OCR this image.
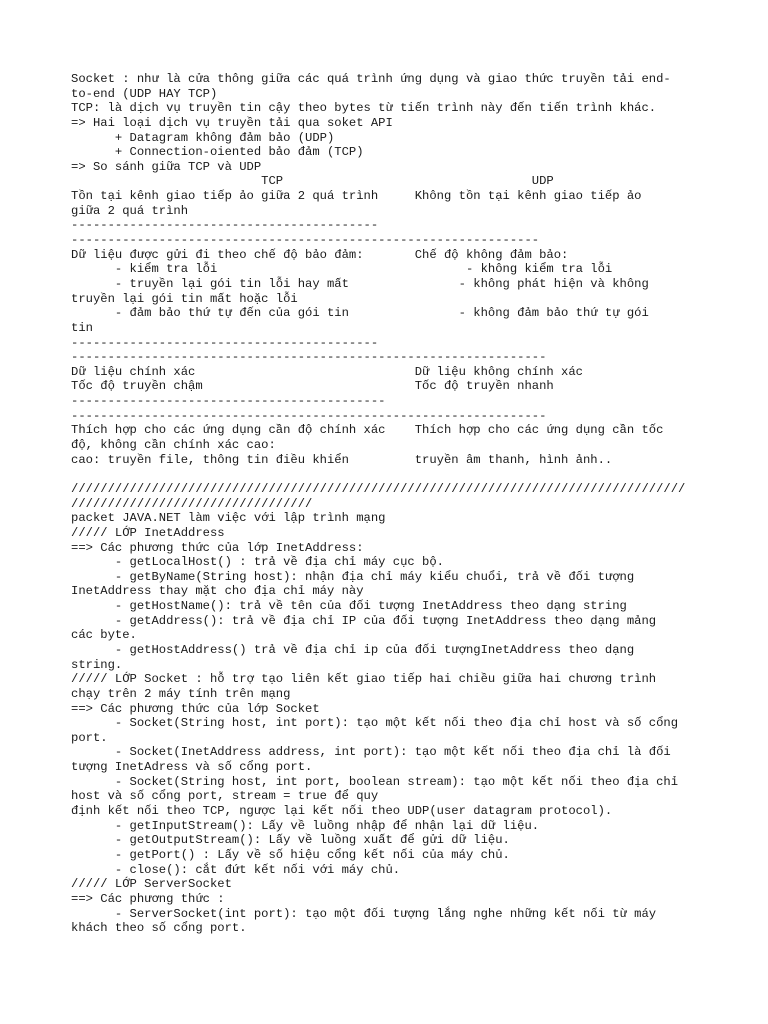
Socket : như là cửa thông giữa các quá trình ứng dụng và giao thức truyền tải end-
to-end (UDP HAY TCP)
TCP: là dịch vụ truyền tin cậy theo bytes từ tiến trình này đến tiến trình khác.
=> Hai loại dịch vụ truyền tải qua soket API
+ Datagram không đảm bảo (UDP)
+ Connection-oiented bảo đảm (TCP)
=> So sánh giữa TCP và UDP
TCP                                  UDP
Tồn tại kênh giao tiếp ảo giữa 2 quá trình     Không tồn tại kênh giao tiếp ảo
giữa 2 quá trình
------------------------------------------
----------------------------------------------------------------
Dữ liệu được gửi đi theo chế độ bảo đảm:       Chế độ không đảm bảo:
- kiểm tra lỗi                                  - không kiểm tra lỗi
- truyền lại gói tin lỗi hay mất               - không phát hiện và không
truyền lại gói tin mất hoặc lỗi
- đảm bảo thứ tự đến của gói tin               - không đảm bảo thứ tự gói
tin
------------------------------------------
-----------------------------------------------------------------
Dữ liệu chính xác                              Dữ liệu không chính xác
Tốc độ truyền chậm                             Tốc độ truyền nhanh
-------------------------------------------
-----------------------------------------------------------------
Thích hợp cho các ứng dụng cần độ chính xác    Thích hợp cho các ứng dụng cần tốc
độ, không cần chính xác cao:
cao: truyền file, thông tin điều khiển         truyền âm thanh, hình ảnh..
////////////////////////////////////////////////////////////////////////////////////
/////////////////////////////////
packet JAVA.NET làm việc với lập trình mạng
///// LỚP InetAddress
==> Các phương thức của lớp InetAddress:
- getLocalHost() : trả về địa chỉ máy cục bộ.
- getByName(String host): nhận địa chỉ máy kiểu chuổi, trả về đối tượng
InetAddress thay mặt cho địa chỉ máy này
- getHostName(): trả về tên của đối tượng InetAddress theo dạng string
- getAddress(): trả về địa chỉ IP của đối tượng InetAddress theo dạng mảng
các byte.
- getHostAddress() trả về địa chỉ ip của đối tượngInetAddress theo dạng
string.
///// LỚP Socket : hỗ trợ tạo liên kết giao tiếp hai chiều giữa hai chương trình
chạy trên 2 máy tính trên mạng
==> Các phương thức của lớp Socket
- Socket(String host, int port): tạo một kết nối theo địa chỉ host và số cổng
port.
- Socket(InetAddress address, int port): tạo một kết nối theo địa chỉ là đối
tượng InetAdress và số cổng port.
- Socket(String host, int port, boolean stream): tạo một kết nối theo địa chỉ
host và số cổng port, stream = true để quy
định kết nối theo TCP, ngược lại kết nối theo UDP(user datagram protocol).
- getInputStream(): Lấy về luồng nhập để nhận lại dữ liệu.
- getOutputStream(): Lấy về luồng xuất để gửi dữ liệu.
- getPort() : Lấy về số hiệu cổng kết nối của máy chủ.
- close(): cắt đứt kết nối với máy chủ.
///// LỚP ServerSocket
==> Các phương thức :
- ServerSocket(int port): tạo một đối tượng lắng nghe những kết nối từ máy
khách theo số cổng port.
